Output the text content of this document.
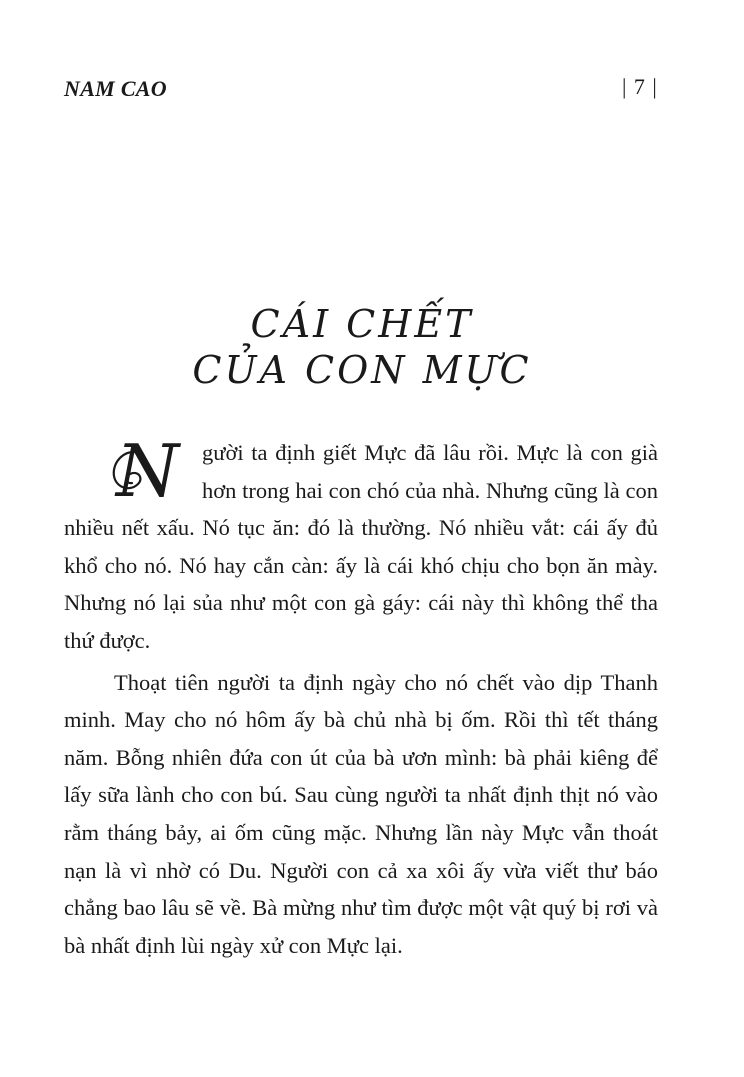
NAM CAO	| 7 |
CÁI CHẾT
CỦA CON MỰC

N	gười ta định giết Mực đã lâu rồi. Mực là con già hơn trong hai con chó của nhà. Nhưng cũng là con nhiều nết xấu. Nó tục ăn: đó là thường. Nó nhiều vắt: cái ấy đủ khổ cho nó. Nó hay cắn càn: ấy là cái khó chịu cho bọn ăn mày. Nhưng nó lại sủa như một con gà gáy: cái này thì không thể tha thứ được.

Thoạt tiên người ta định ngày cho nó chết vào dịp Thanh minh. May cho nó hôm ấy bà chủ nhà bị ốm. Rồi thì tết tháng năm. Bỗng nhiên đứa con út của bà ươn mình: bà phải kiêng để lấy sữa lành cho con bú. Sau cùng người ta nhất định thịt nó vào rằm tháng bảy, ai ốm cũng mặc. Nhưng lần này Mực vẫn thoát nạn là vì nhờ có Du. Người con cả xa xôi ấy vừa viết thư báo chẳng bao lâu sẽ về. Bà mừng như tìm được một vật quý bị rơi và bà nhất định lùi ngày xử con Mực lại.
